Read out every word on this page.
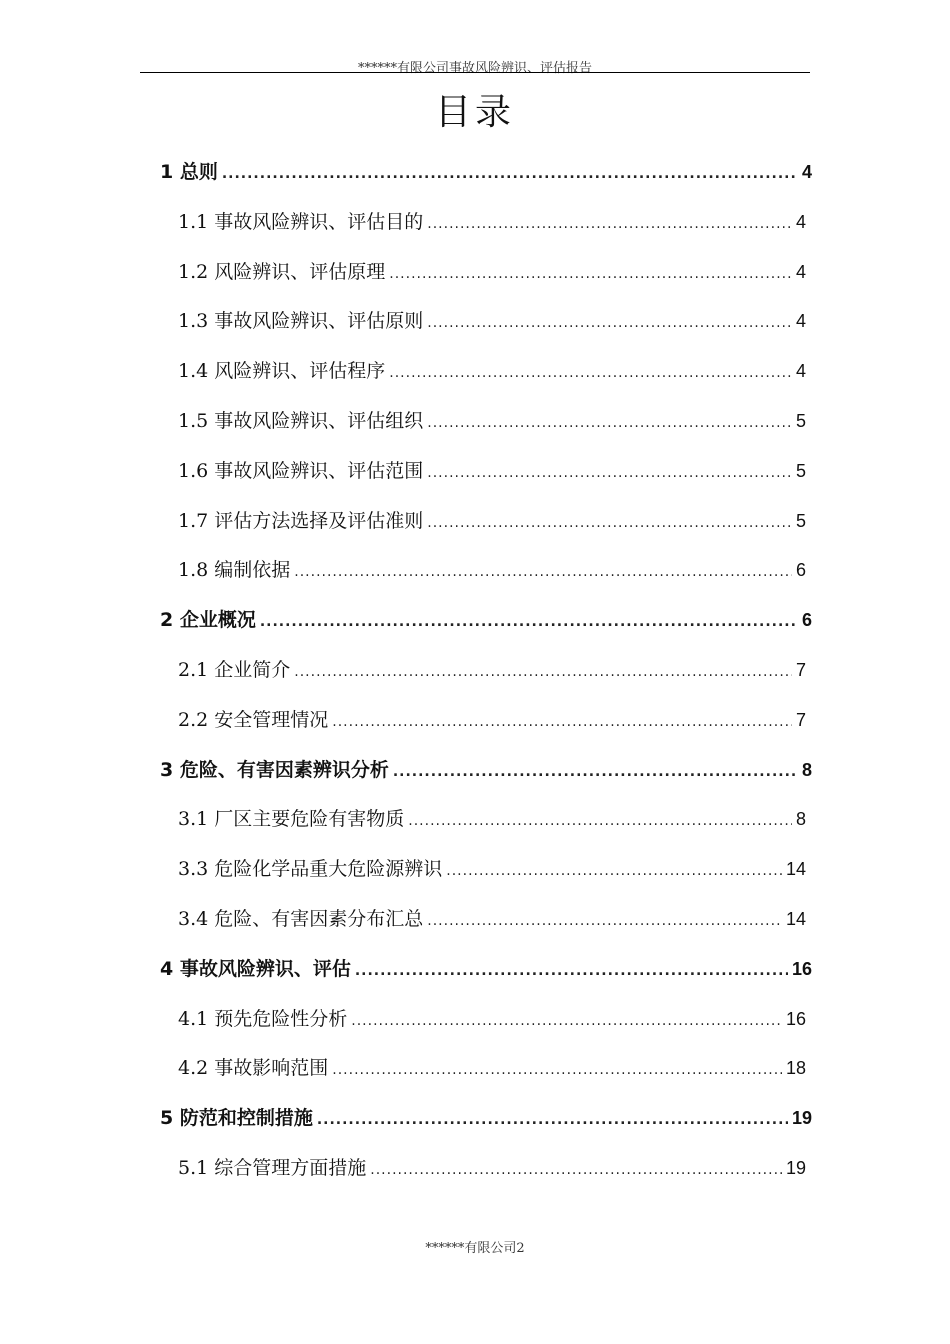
******有限公司事故风险辨识、评估报告
目录
1 总则 .....	4
1.1 事故风险辨识、评估目的 .....	4
1.2 风险辨识、评估原理 .....	4
1.3 事故风险辨识、评估原则 .....	4
1.4 风险辨识、评估程序 .....	4
1.5 事故风险辨识、评估组织 .....	5
1.6 事故风险辨识、评估范围 .....	5
1.7 评估方法选择及评估准则 .....	5
1.8 编制依据 .....	6
2 企业概况 .....	6
2.1 企业简介 .....	7
2.2 安全管理情况 .....	7
3 危险、有害因素辨识分析 .....	8
3.1 厂区主要危险有害物质 .....	8
3.3 危险化学品重大危险源辨识 .....	14
3.4 危险、有害因素分布汇总 .....	14
4 事故风险辨识、评估 .....	16
4.1 预先危险性分析 .....	16
4.2 事故影响范围 .....	18
5 防范和控制措施 .....	19
5.1 综合管理方面措施 .....	19
******有限公司2
